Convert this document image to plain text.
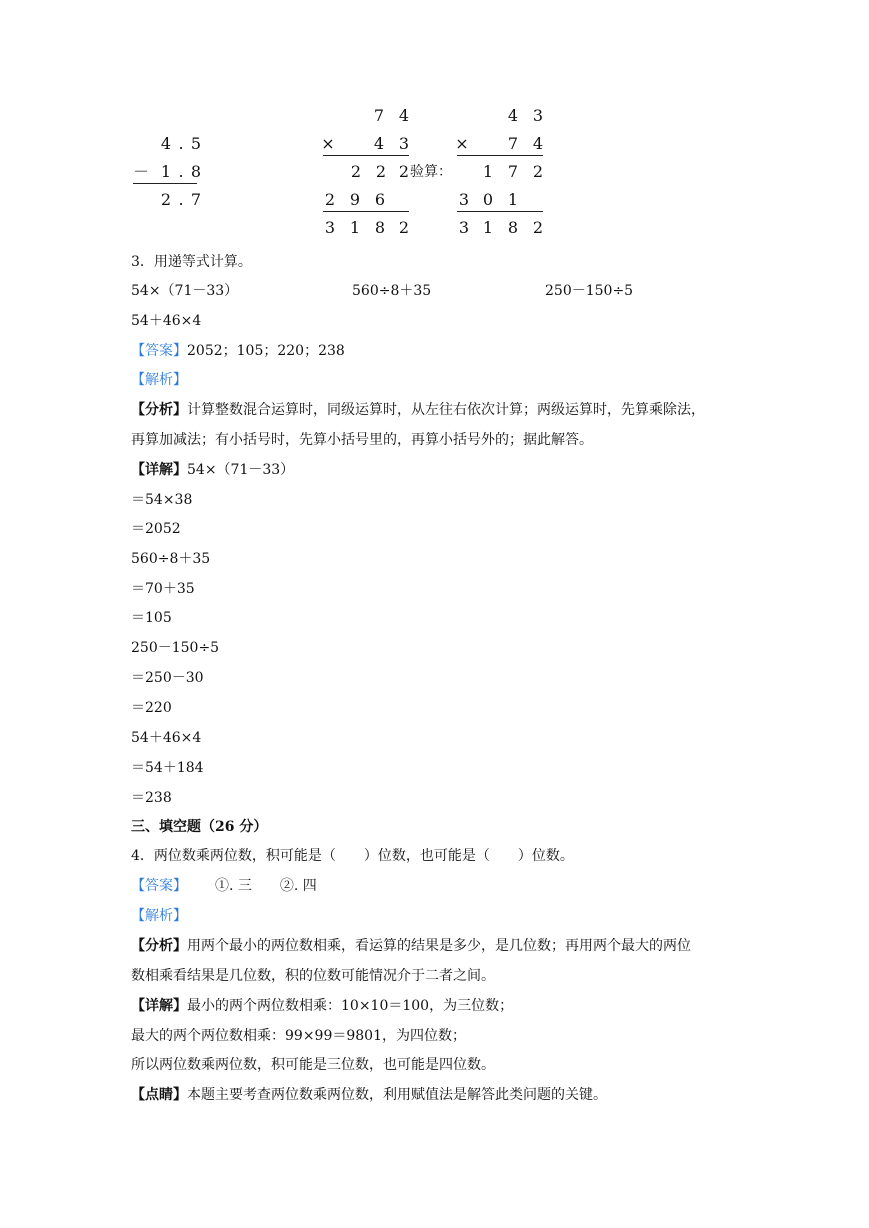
4 . 5
－ 1 . 8
2 . 7
7 4
×	4 3
2 2 2 验算：
2 9 6
3 1 8 2
4 3
×	7 4
1 7 2
3 0 1
3 1 8 2
3．用递等式计算。
54×（71－33）	560÷8＋35	250－150÷5
54＋46×4
【答案】2052；105；220；238
【解析】
【分析】计算整数混合运算时，同级运算时，从左往右依次计算；两级运算时，先算乘除法，
再算加减法；有小括号时，先算小括号里的，再算小括号外的；据此解答。
【详解】54×（71－33）
＝54×38
＝2052
560÷8＋35
＝70＋35
＝105
250－150÷5
＝250－30
＝220
54＋46×4
＝54＋184
＝238
三、填空题（26 分）
4．两位数乘两位数，积可能是（　　）位数，也可能是（　　）位数。
【答案】 ①. 三 ②. 四
【解析】
【分析】用两个最小的两位数相乘，看运算的结果是多少，是几位数；再用两个最大的两位
数相乘看结果是几位数，积的位数可能情况介于二者之间。
【详解】最小的两个两位数相乘：10×10＝100，为三位数；
最大的两个两位数相乘：99×99＝9801，为四位数；
所以两位数乘两位数，积可能是三位数，也可能是四位数。
【点睛】本题主要考查两位数乘两位数，利用赋值法是解答此类问题的关键。
